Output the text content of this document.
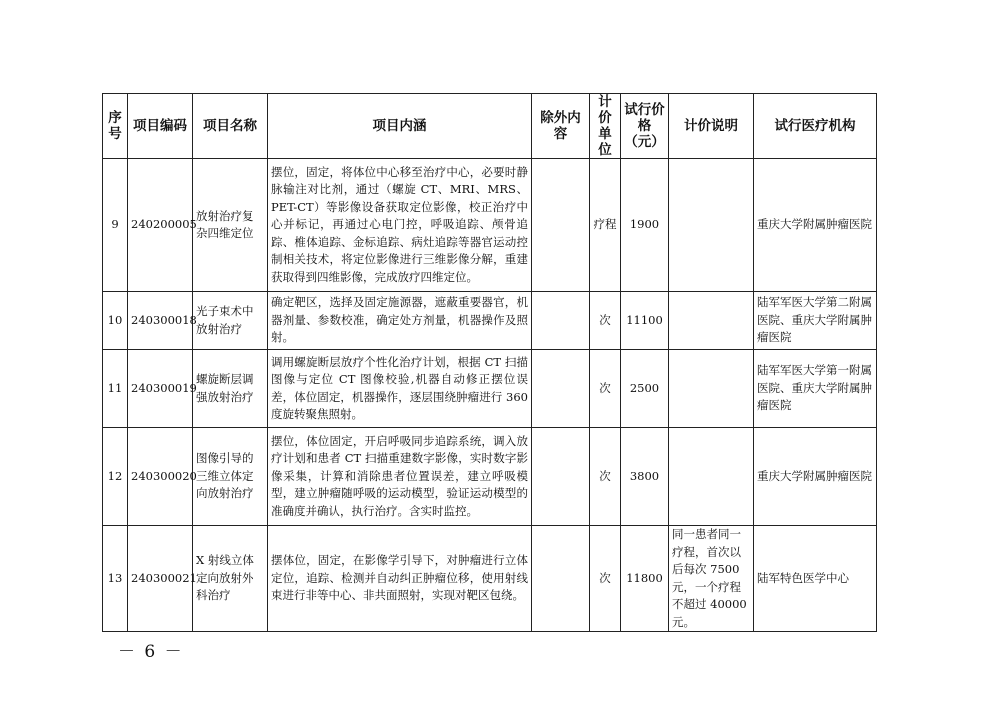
序号	项目编码	项目名称	项目内涵	除外内容	计价单位	试行价格（元）	计价说明	试行医疗机构
9	240200005	放射治疗复杂四维定位	摆位，固定，将体位中心移至治疗中心，必要时静脉输注对比剂，通过（螺旋 CT、MRI、MRS、PET-CT）等影像设备获取定位影像，校正治疗中心并标记，再通过心电门控，呼吸追踪、颅骨追踪、椎体追踪、金标追踪、病灶追踪等器官运动控制相关技术，将定位影像进行三维影像分解，重建获取得到四维影像，完成放疗四维定位。		疗程	1900		重庆大学附属肿瘤医院
10	240300018	光子束术中放射治疗	确定靶区，选择及固定施源器，遮蔽重要器官，机器剂量、参数校准，确定处方剂量，机器操作及照射。		次	11100		陆军军医大学第二附属医院、重庆大学附属肿瘤医院
11	240300019	螺旋断层调强放射治疗	调用螺旋断层放疗个性化治疗计划，根据 CT 扫描图像与定位 CT 图像校验,机器自动修正摆位误差，体位固定，机器操作，逐层围绕肿瘤进行 360 度旋转聚焦照射。		次	2500		陆军军医大学第一附属医院、重庆大学附属肿瘤医院
12	240300020	图像引导的三维立体定向放射治疗	摆位，体位固定，开启呼吸同步追踪系统，调入放疗计划和患者 CT 扫描重建数字影像，实时数字影像采集，计算和消除患者位置误差，建立呼吸模型，建立肿瘤随呼吸的运动模型，验证运动模型的准确度并确认，执行治疗。含实时监控。		次	3800		重庆大学附属肿瘤医院
13	240300021	X 射线立体定向放射外科治疗	摆体位，固定，在影像学引导下，对肿瘤进行立体定位，追踪、检测并自动纠正肿瘤位移，使用射线束进行非等中心、非共面照射，实现对靶区包绕。		次	11800	同一患者同一疗程，首次以后每次 7500 元，一个疗程不超过 40000 元。	陆军特色医学中心
－ 6 －
